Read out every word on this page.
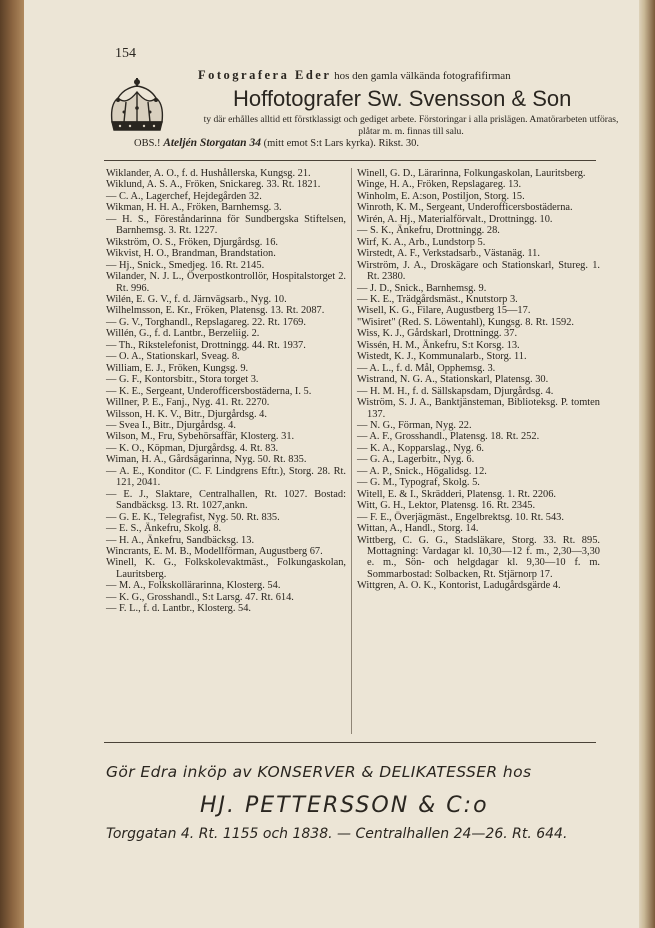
154
Fotografera Eder hos den gamla välkända fotografifirman
Hoffotografer Sw. Svensson & Son
ty där erhålles alltid ett förstklassigt och gediget arbete. Förstoringar i alla prislägen. Amatörarbeten utföras, plåtar m. m. finnas till salu.
OBS.! Ateljén Storgatan 34 (mitt emot S:t Lars kyrka). Rikst. 30.
Wiklander, A. O., f. d. Hushållerska, Kungsg. 21.
Wiklund, A. S. A., Fröken, Snickareg. 33. Rt. 1821.
— C. A., Lagerchef, Hejdegården 32.
Wikman, H. H. A., Fröken, Barnhemsg. 3.
— H. S., Föreståndarinna för Sundbergska Stiftelsen, Barnhemsg. 3. Rt. 1227.
Wikström, O. S., Fröken, Djurgårdsg. 16.
Wikvist, H. O., Brandman, Brandstation.
— Hj., Snick., Smedjeg. 16. Rt. 2145.
Wilander, N. J. L., Överpostkontrollör, Hospitalstorget 2. Rt. 996.
Wilén, E. G. V., f. d. Järnvägsarb., Nyg. 10.
Wilhelmsson, E. Kr., Fröken, Platensg. 13. Rt. 2087.
— G. V., Torghandl., Repslagareg. 22. Rt. 1769.
Willén, G., f. d. Lantbr., Berzeliig. 2.
— Th., Rikstelefonist, Drottningg. 44. Rt. 1937.
— O. A., Stationskarl, Sveag. 8.
William, E. J., Fröken, Kungsg. 9.
— G. F., Kontorsbitr., Stora torget 3.
— K. E., Sergeant, Underofficersbostäderna, I. 5.
Willner, P. E., Fanj., Nyg. 41. Rt. 2270.
Wilsson, H. K. V., Bitr., Djurgårdsg. 4.
— Svea I., Bitr., Djurgårdsg. 4.
Wilson, M., Fru, Sybehörsaffär, Klosterg. 31.
— K. O., Köpman, Djurgårdsg. 4. Rt. 83.
Wiman, H. A., Gårdsägarinna, Nyg. 50. Rt. 835.
— A. E., Konditor (C. F. Lindgrens Eftr.), Storg. 28. Rt. 121, 2041.
— E. J., Slaktare, Centralhallen, Rt. 1027. Bostad: Sandbäcksg. 13. Rt. 1027,ankn.
— G. E. K., Telegrafist, Nyg. 50. Rt. 835.
— E. S., Änkefru, Skolg. 8.
— H. A., Änkefru, Sandbäcksg. 13.
Wincrants, E. M. B., Modellförman, Augustberg 67.
Winell, K. G., Folkskolevaktmäst., Folkungaskolan, Lauritsberg.
— M. A., Folkskollärarinna, Klosterg. 54.
— K. G., Grosshandl., S:t Larsg. 47. Rt. 614.
— F. L., f. d. Lantbr., Klosterg. 54.
Winell, G. D., Lärarinna, Folkungaskolan, Lauritsberg.
Winge, H. A., Fröken, Repslagareg. 13.
Winholm, E. A:son, Postiljon, Storg. 15.
Winroth, K. M., Sergeant, Underofficersbostäderna.
Wirén, A. Hj., Materialförvalt., Drottningg. 10.
— S. K., Änkefru, Drottningg. 28.
Wirf, K. A., Arb., Lundstorp 5.
Wirstedt, A. F., Verkstadsarb., Västanäg. 11.
Wirström, J. A., Droskägare och Stationskarl, Stureg. 1. Rt. 2380.
— J. D., Snick., Barnhemsg. 9.
— K. E., Trädgårdsmäst., Knutstorp 3.
Wisell, K. G., Filare, Augustberg 15—17.
"Wisiret" (Red. S. Löwentahl), Kungsg. 8. Rt. 1592.
Wiss, K. J., Gårdskarl, Drottningg. 37.
Wissén, H. M., Änkefru, S:t Korsg. 13.
Wistedt, K. J., Kommunalarb., Storg. 11.
— A. L., f. d. Mål, Opphemsg. 3.
Wistrand, N. G. A., Stationskarl, Platensg. 30.
— H. M. H., f. d. Sällskapsdam, Djurgårdsg. 4.
Wiström, S. J. A., Banktjänsteman, Biblioteksg. P. tomten 137.
— N. G., Förman, Nyg. 22.
— A. F., Grosshandl., Platensg. 18. Rt. 252.
— K. A., Kopparslag., Nyg. 6.
— G. A., Lagerbitr., Nyg. 6.
— A. P., Snick., Högalidsg. 12.
— G. M., Typograf, Skolg. 5.
Witell, E. & I., Skrädderi, Platensg. 1. Rt. 2206.
Witt, G. H., Lektor, Platensg. 16. Rt. 2345.
— F. E., Överjägmäst., Engelbrektsg. 10. Rt. 543.
Wittan, A., Handl., Storg. 14.
Wittberg, C. G. G., Stadsläkare, Storg. 33. Rt. 895. Mottagning: Vardagar kl. 10,30—12 f. m., 2,30—3,30 e. m., Sön- och helgdagar kl. 9,30—10 f. m. Sommarbostad: Solbacken, Rt. Stjärnorp 17.
Wittgren, A. O. K., Kontorist, Ladugårdsgärde 4.
Gör Edra inköp av KONSERVER & DELIKATESSER hos
HJ. PETTERSSON & C:o
Torggatan 4. Rt. 1155 och 1838. — Centralhallen 24—26. Rt. 644.
